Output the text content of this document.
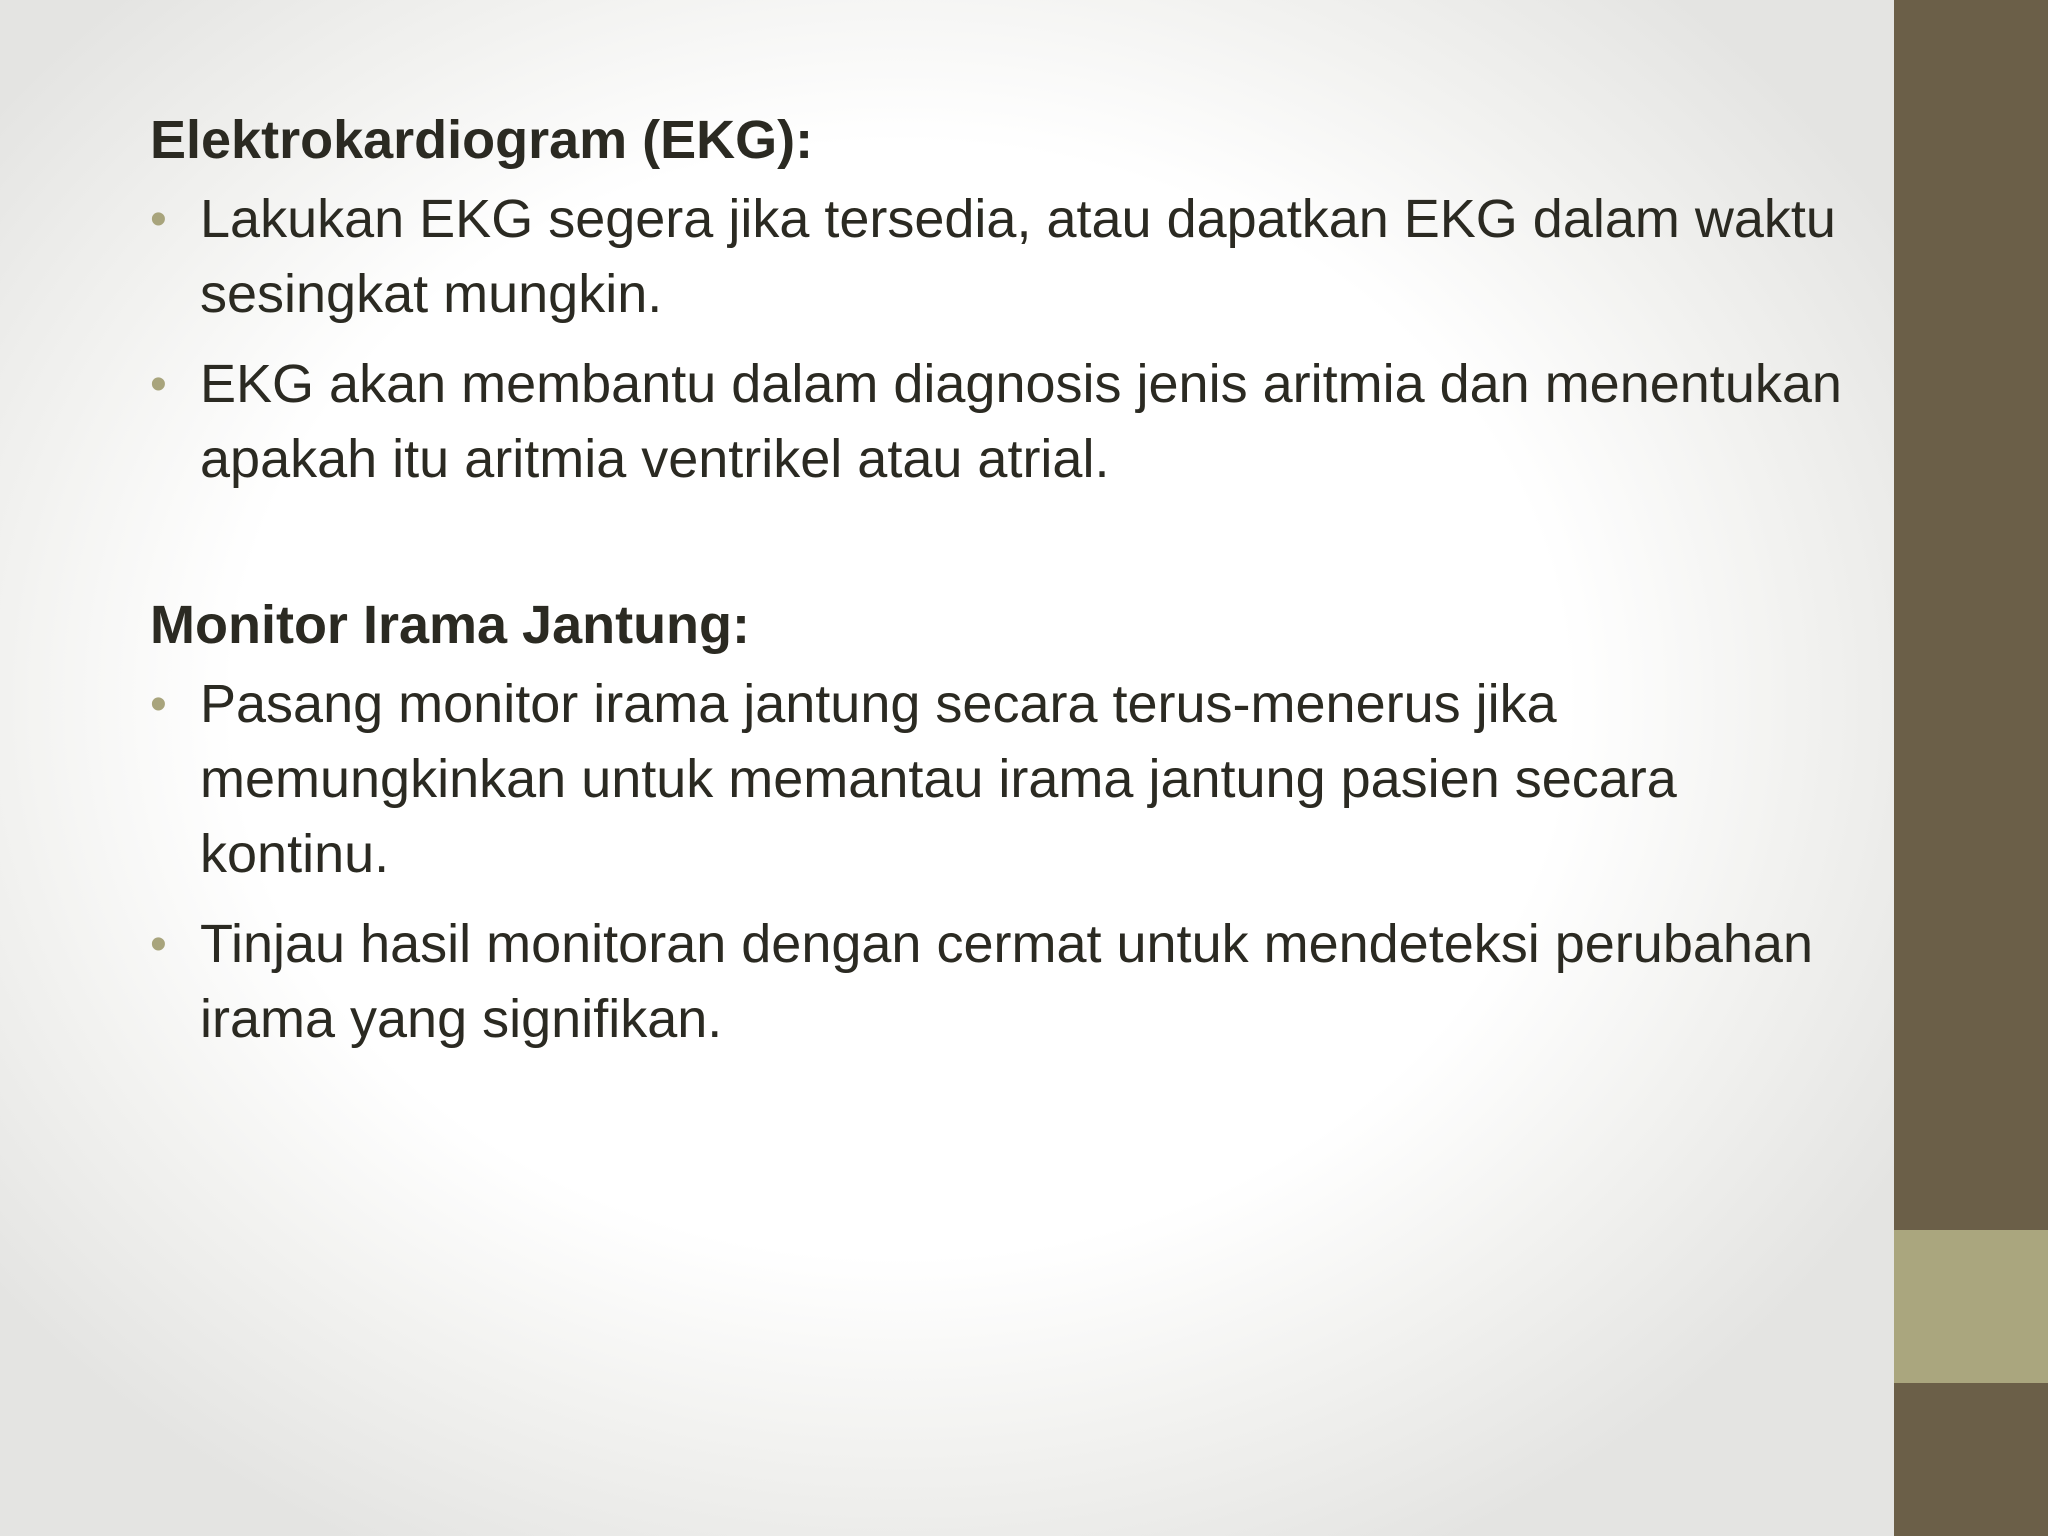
Elektrokardiogram (EKG):
• Lakukan EKG segera jika tersedia, atau dapatkan EKG dalam waktu sesingkat mungkin.
• EKG akan membantu dalam diagnosis jenis aritmia dan menentukan apakah itu aritmia ventrikel atau atrial.
Monitor Irama Jantung:
• Pasang monitor irama jantung secara terus-menerus jika memungkinkan untuk memantau irama jantung pasien secara kontinu.
• Tinjau hasil monitoran dengan cermat untuk mendeteksi perubahan irama yang signifikan.
